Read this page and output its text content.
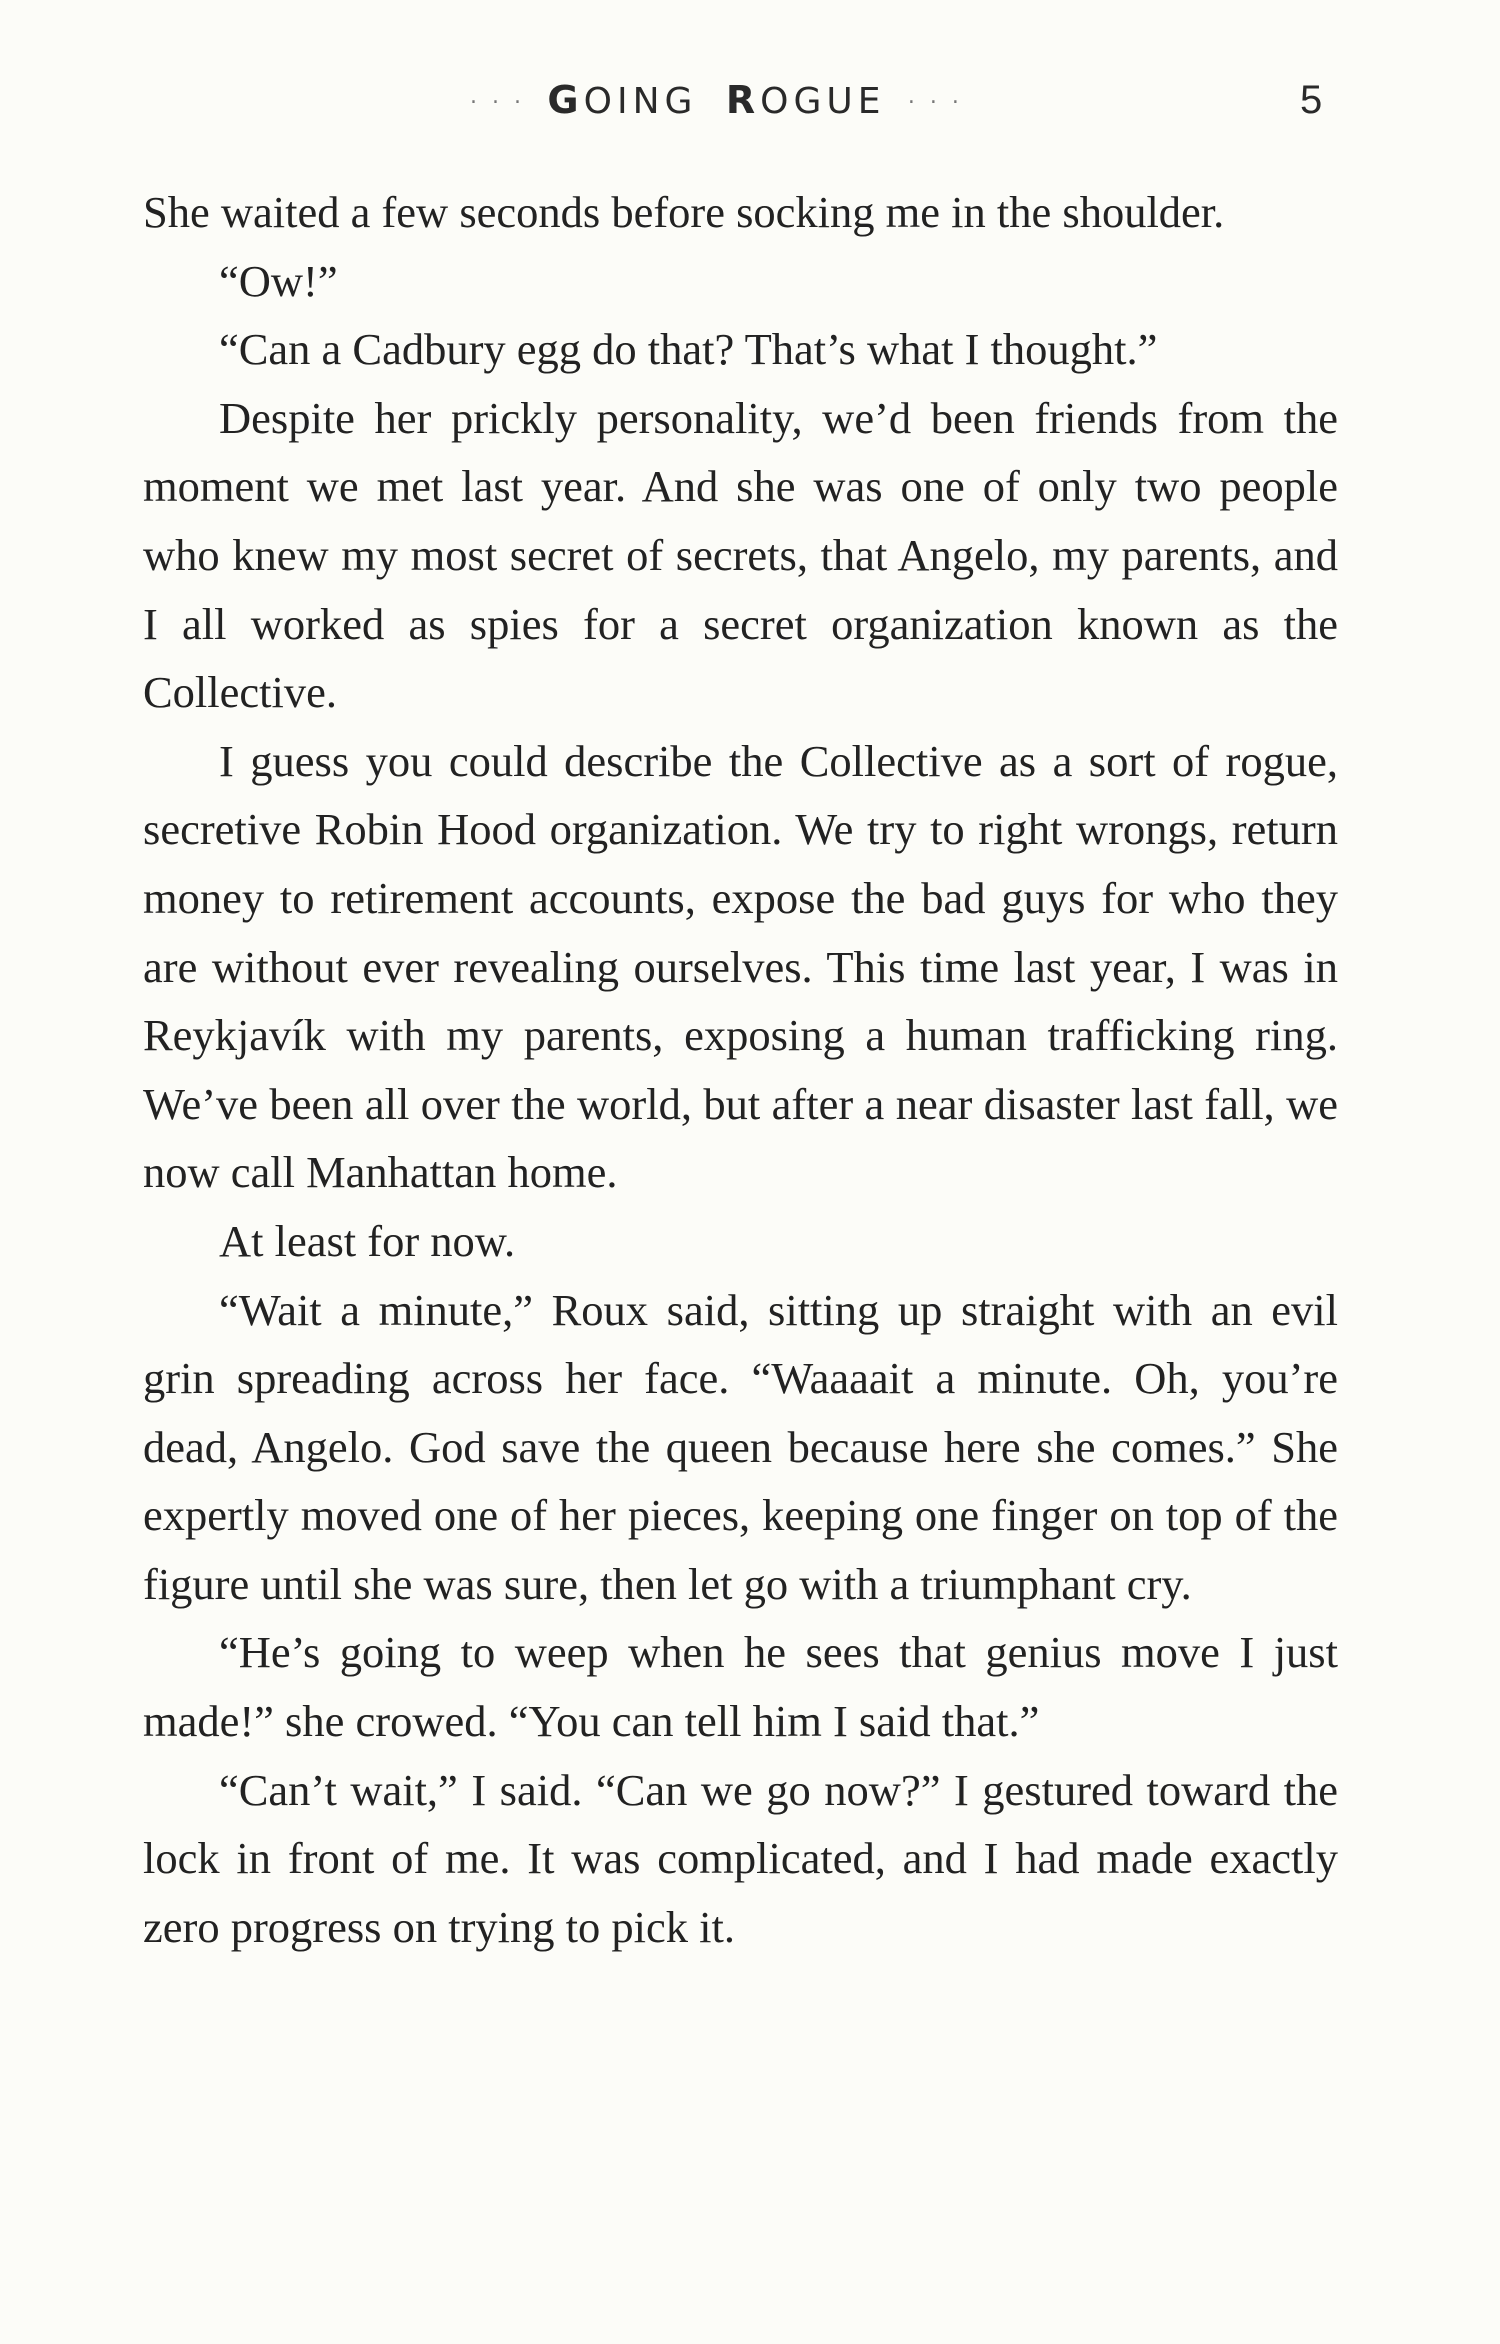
· · · GOING ROGUE · · ·	5

She waited a few seconds before socking me in the shoulder.

“Ow!”

“Can a Cadbury egg do that? That’s what I thought.”

Despite her prickly personality, we’d been friends from the moment we met last year. And she was one of only two people who knew my most secret of secrets, that Angelo, my parents, and I all worked as spies for a secret organization known as the Collective.

I guess you could describe the Collective as a sort of rogue, secretive Robin Hood organization. We try to right wrongs, return money to retirement accounts, expose the bad guys for who they are without ever revealing ourselves. This time last year, I was in Reykjavík with my parents, exposing a human trafficking ring. We’ve been all over the world, but after a near disaster last fall, we now call Manhattan home.

At least for now.

“Wait a minute,” Roux said, sitting up straight with an evil grin spreading across her face. “Waaaait a minute. Oh, you’re dead, Angelo. God save the queen because here she comes.” She expertly moved one of her pieces, keeping one finger on top of the figure until she was sure, then let go with a triumphant cry.

“He’s going to weep when he sees that genius move I just made!” she crowed. “You can tell him I said that.”

“Can’t wait,” I said. “Can we go now?” I gestured toward the lock in front of me. It was complicated, and I had made exactly zero progress on trying to pick it.
